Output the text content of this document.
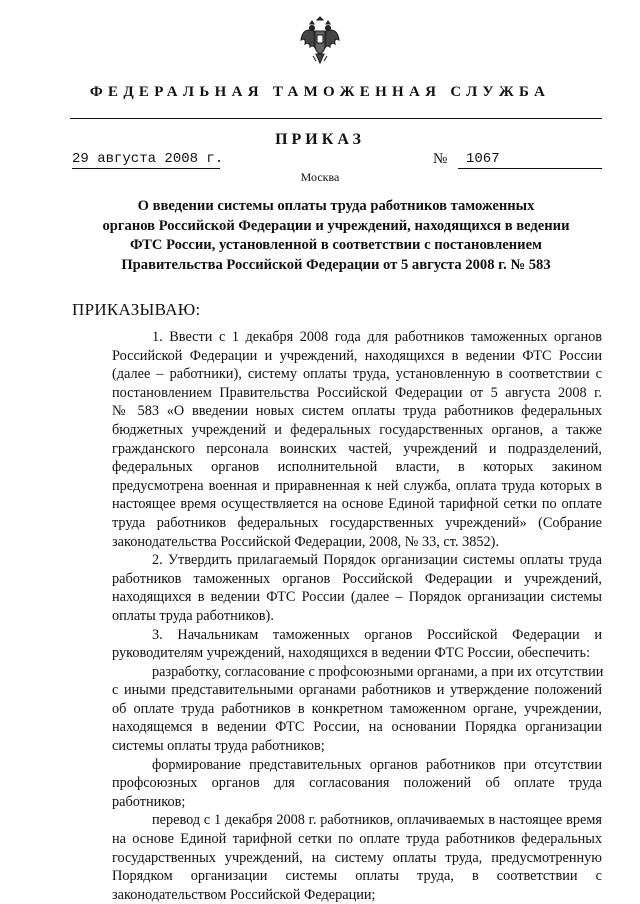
ФЕДЕРАЛЬНАЯ ТАМОЖЕННАЯ СЛУЖБА
ПРИКАЗ
29 августа 2008 г.	№	1067
Москва
О введении системы оплаты труда работников таможенных
органов Российской Федерации и учреждений, находящихся в ведении
ФТС России, установленной в соответствии с постановлением
Правительства Российской Федерации от 5 августа 2008 г. № 583
ПРИКАЗЫВАЮ:
1. Ввести с 1 декабря 2008 года для работников таможенных органов
Российской Федерации и учреждений, находящихся в ведении ФТС России
(далее – работники), систему оплаты труда, установленную в соответствии с
постановлением Правительства Российской Федерации от 5 августа 2008 г.
№ 583 «О введении новых систем оплаты труда работников федеральных
бюджетных учреждений и федеральных государственных органов, а также
гражданского персонала воинских частей, учреждений и подразделений,
федеральных органов исполнительной власти, в которых закином
предусмотрена военная и приравненная к ней служба, оплата труда которых в
настоящее время осуществляется на основе Единой тарифной сетки по оплате
труда работников федеральных государственных учреждений» (Собрание
законодательства Российской Федерации, 2008, № 33, ст. 3852).
2. Утвердить прилагаемый Порядок организации системы оплаты труда
работников таможенных органов Российской Федерации и учреждений,
находящихся в ведении ФТС России (далее – Порядок организации системы
оплаты труда работников).
3. Начальникам таможенных органов Российской Федерации и
руководителям учреждений, находящихся в ведении ФТС России, обеспечить:
разработку, согласование с профсоюзными органами, а при их отсутствии
с иными представительными органами работников и утверждение положений
об оплате труда работников в конкретном таможенном органе, учреждении,
находящемся в ведении ФТС России, на основании Порядка организации
системы оплаты труда работников;
формирование представительных органов работников при отсутствии
профсоюзных органов для согласования положений об оплате труда
работников;
перевод с 1 декабря 2008 г. работников, оплачиваемых в настоящее время
на основе Единой тарифной сетки по оплате труда работников федеральных
государственных учреждений, на систему оплаты труда, предусмотренную
Порядком организации системы оплаты труда, в соответствии с
законодательством Российской Федерации;
